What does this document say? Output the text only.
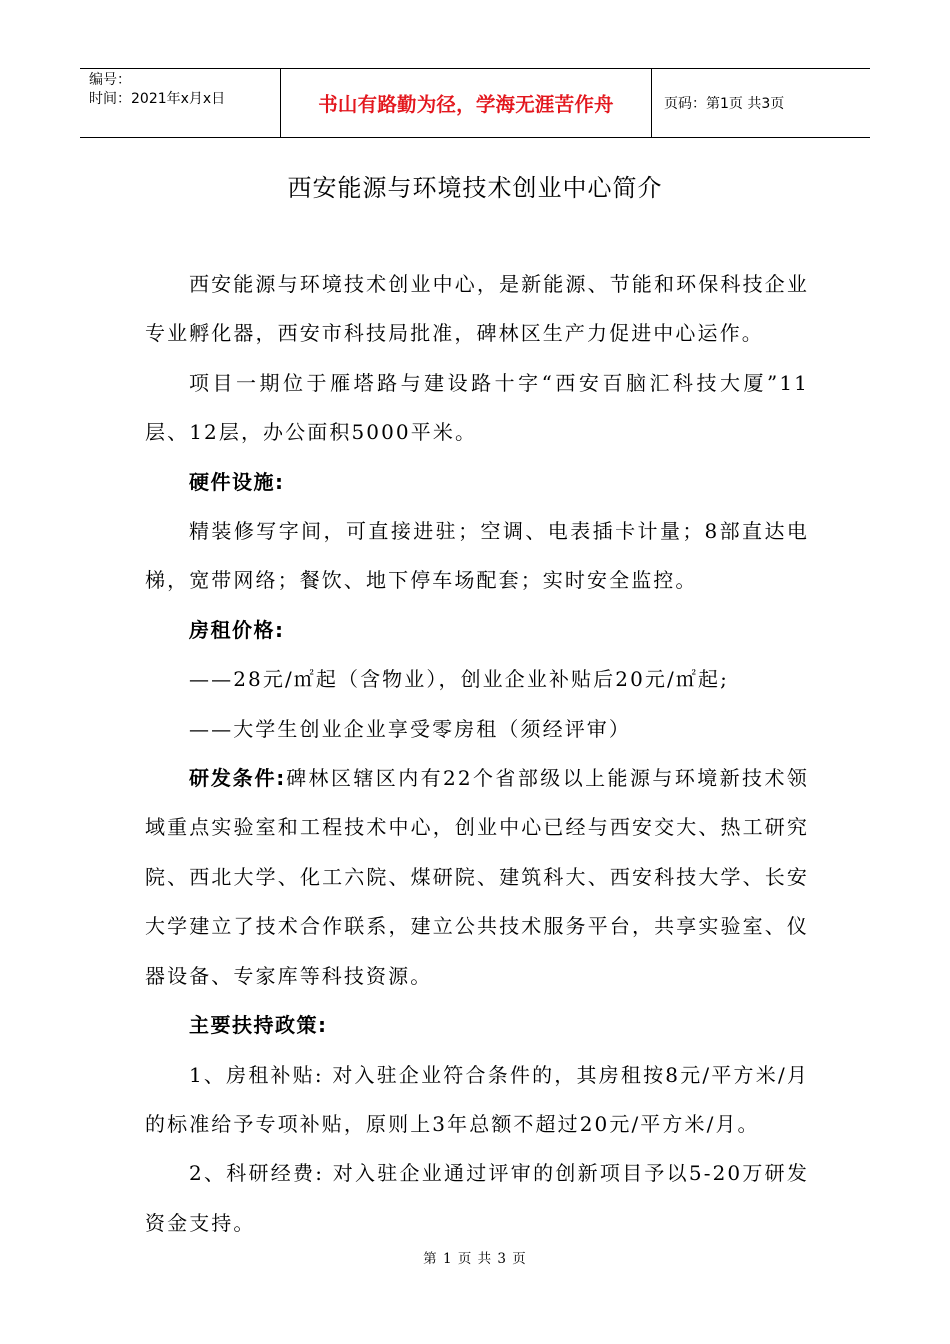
编号：
时间：2021年x月x日	书山有路勤为径，学海无涯苦作舟	页码：第1页 共3页
西安能源与环境技术创业中心简介

西安能源与环境技术创业中心，是新能源、节能和环保科技企业专业孵化器，西安市科技局批准，碑林区生产力促进中心运作。

项目一期位于雁塔路与建设路十字“西安百脑汇科技大厦”11层、12层，办公面积5000平米。

硬件设施:

精装修写字间，可直接进驻；空调、电表插卡计量；8部直达电梯，宽带网络；餐饮、地下停车场配套；实时安全监控。

房租价格:

——28元/㎡起（含物业），创业企业补贴后20元/㎡起;

——大学生创业企业享受零房租（须经评审）

研发条件:碑林区辖区内有22个省部级以上能源与环境新技术领域重点实验室和工程技术中心，创业中心已经与西安交大、热工研究院、西北大学、化工六院、煤研院、建筑科大、西安科技大学、长安大学建立了技术合作联系，建立公共技术服务平台，共享实验室、仪器设备、专家库等科技资源。

主要扶持政策:

1、房租补贴: 对入驻企业符合条件的，其房租按8元/平方米/月的标准给予专项补贴，原则上3年总额不超过20元/平方米/月。

2、科研经费: 对入驻企业通过评审的创新项目予以5-20万研发资金支持。

第 1 页 共 3 页
